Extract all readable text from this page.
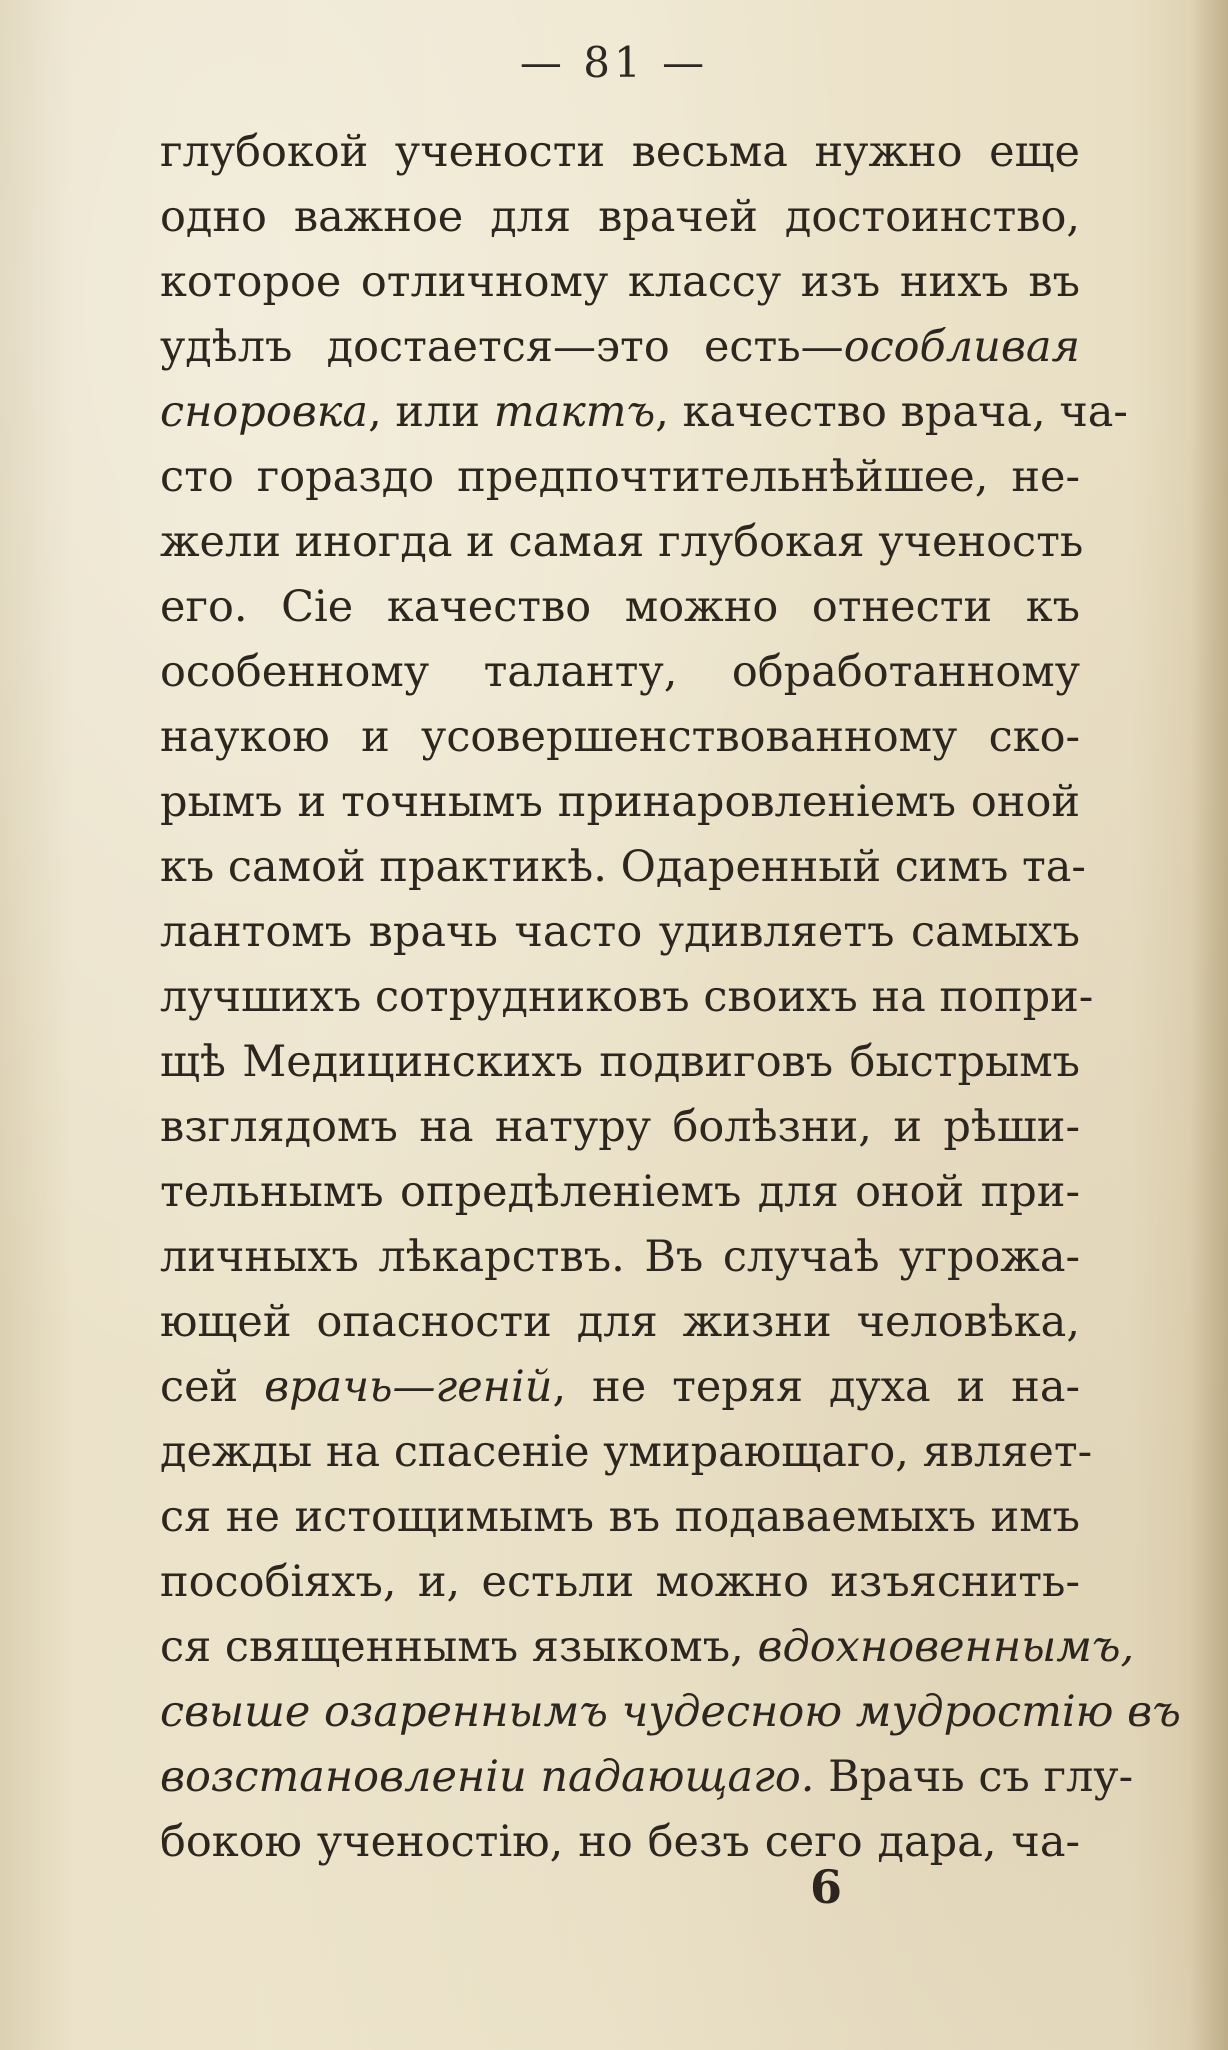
— 81 —
глубокой учености весьма нужно еще
одно важное для врачей достоинство,
которое отличному классу изъ нихъ въ
удѣлъ достается—это есть—особливая
сноровка, или тактъ, качество врача, ча-
сто гораздо предпочтительнѣйшее, не-
жели иногда и самая глубокая ученость
его. Сіе качество можно отнести къ
особенному таланту, обработанному
наукою и усовершенствованному ско-
рымъ и точнымъ принаровленіемъ оной
къ самой практикѣ. Одаренный симъ та-
лантомъ врачь часто удивляетъ самыхъ
лучшихъ сотрудниковъ своихъ на попри-
щѣ Медицинскихъ подвиговъ быстрымъ
взглядомъ на натуру болѣзни, и рѣши-
тельнымъ опредѣленіемъ для оной при-
личныхъ лѣкарствъ. Въ случаѣ угрожа-
ющей опасности для жизни человѣка,
сей врачь—геній, не теряя духа и на-
дежды на спасеніе умирающаго, являет-
ся не истощимымъ въ подаваемыхъ имъ
пособіяхъ, и, естьли можно изъяснить-
ся священнымъ языкомъ, вдохновеннымъ,
свыше озареннымъ чудесною мудростію въ
возстановленіи падающаго. Врачь съ глу-
бокою ученостію, но безъ сего дара, ча-
6
